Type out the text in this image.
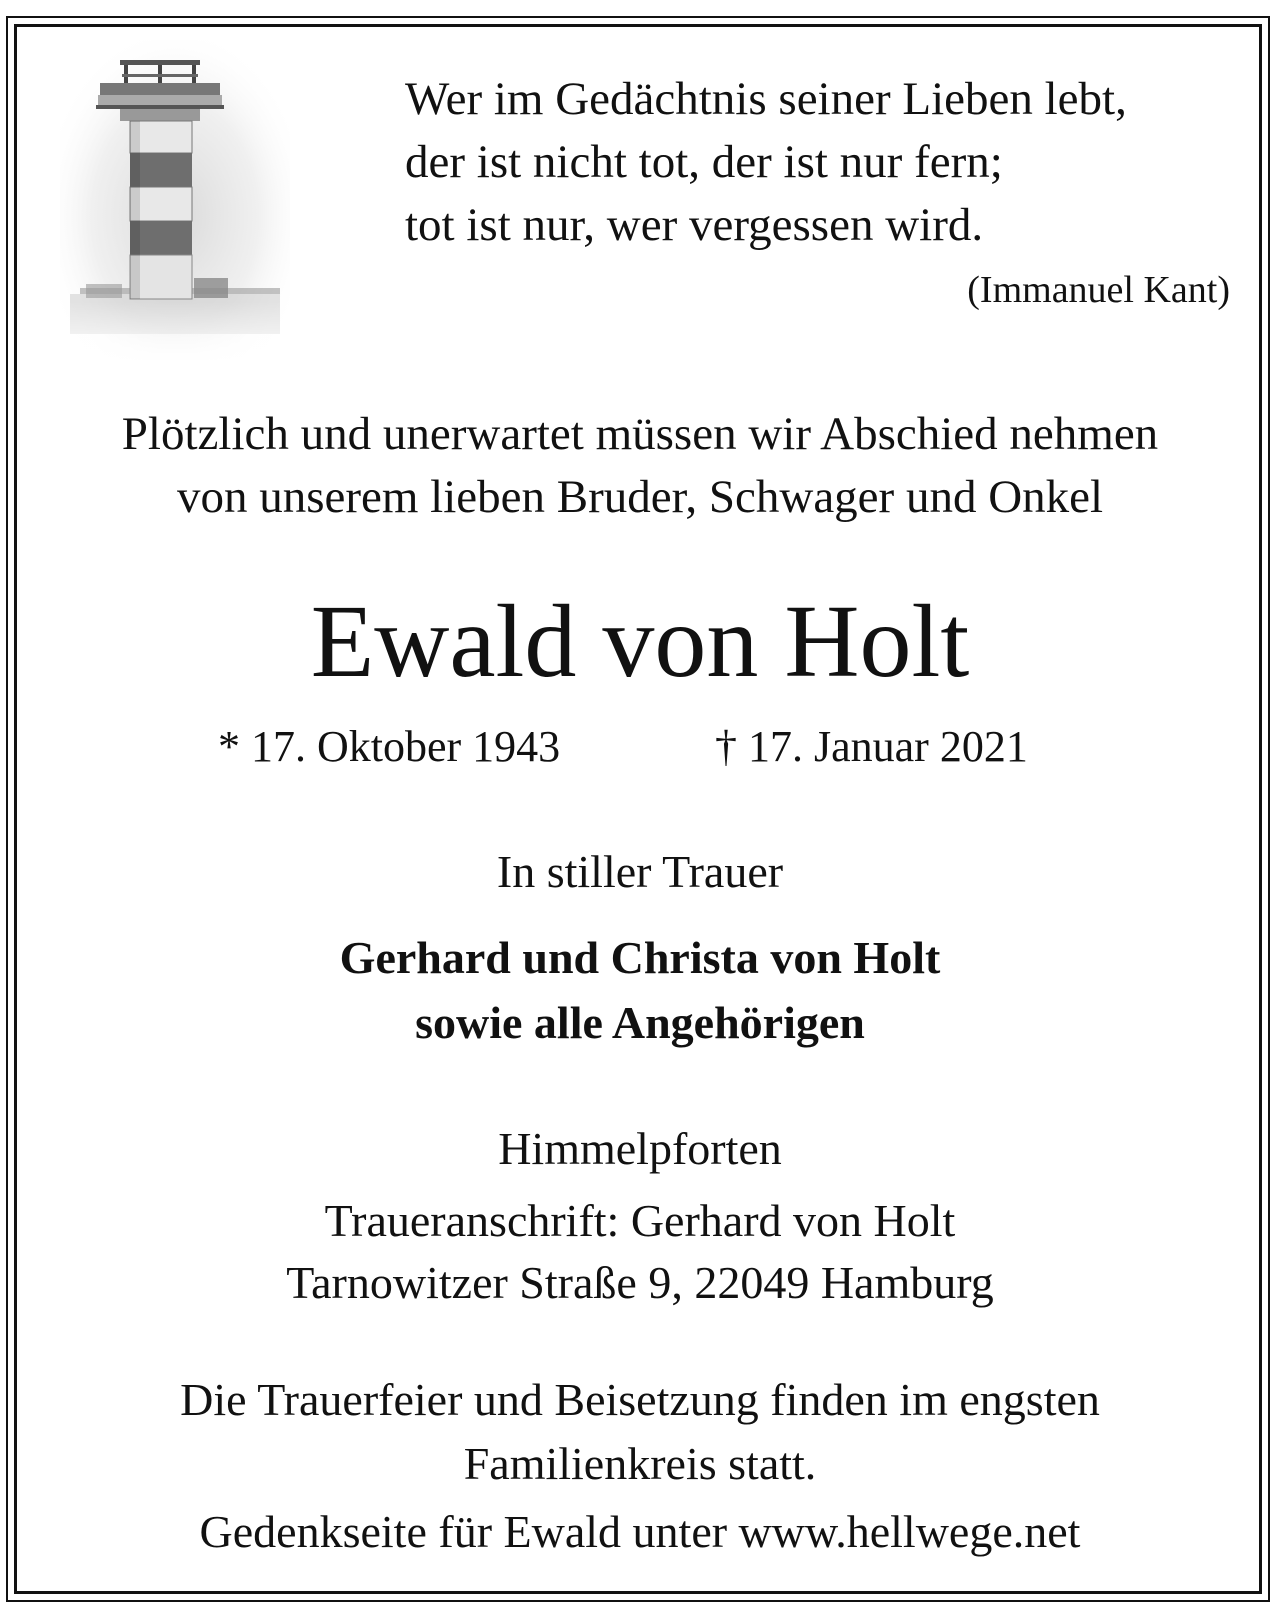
Wer im Gedächtnis seiner Lieben lebt,
der ist nicht tot, der ist nur fern;
tot ist nur, wer vergessen wird.
(Immanuel Kant)
Plötzlich und unerwartet müssen wir Abschied nehmen
von unserem lieben Bruder, Schwager und Onkel
Ewald von Holt
* 17. Oktober 1943	† 17. Januar 2021
In stiller Trauer
Gerhard und Christa von Holt
sowie alle Angehörigen
Himmelpforten
Traueranschrift: Gerhard von Holt
Tarnowitzer Straße 9, 22049 Hamburg
Die Trauerfeier und Beisetzung finden im engsten
Familienkreis statt.
Gedenkseite für Ewald unter www.hellwege.net
